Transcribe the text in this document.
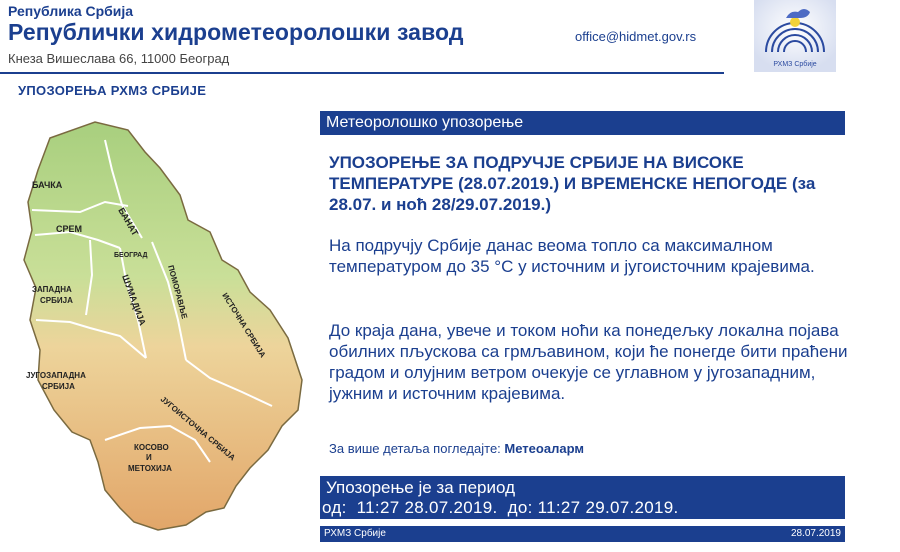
Република Србија
Републички хидрометеоролошки завод
Кнеза Вишеслава 66, 11000 Београд
office@hidmet.gov.rs
РХМЗ Србије
УПОЗОРЕЊА РХМЗ СРБИЈЕ
БАЧКА
БАНАТ
СРЕМ
БЕОГРАД
ЗАПАДНА
СРБИЈА	ШУМАДИЈА ПОМОРАВЉЕ	ИСТОЧНА СРБИЈА
ЈУГОЗАПАДНА
СРБИЈА
ЈУГОИСТОЧНА СРБИЈА
КОСОВО
И
МЕТОХИЈА
Метеоролошко упозорење
УПОЗОРЕЊЕ ЗА ПОДРУЧЈЕ СРБИЈЕ НА ВИСОКЕ ТЕМПЕРАТУРЕ (28.07.2019.) И ВРЕМЕНСКЕ НЕПОГОДЕ (за 28.07. и ноћ 28/29.07.2019.)
На подручју Србије данас веома топло са максималном температуром до 35 °C у источним и југоисточним крајевима.
До краја дана, увече и током ноћи ка понедељку локална појава обилних пљускова са грмљавином, који ће понегде бити праћени градом и олујним ветром очекује се углавном у југозападним, јужним и источним крајевима.
За више детаља погледајте: Метеоаларм
Упозорење је за период
од:  11:27 28.07.2019.  до: 11:27 29.07.2019.
РХМЗ Србије	28.07.2019
